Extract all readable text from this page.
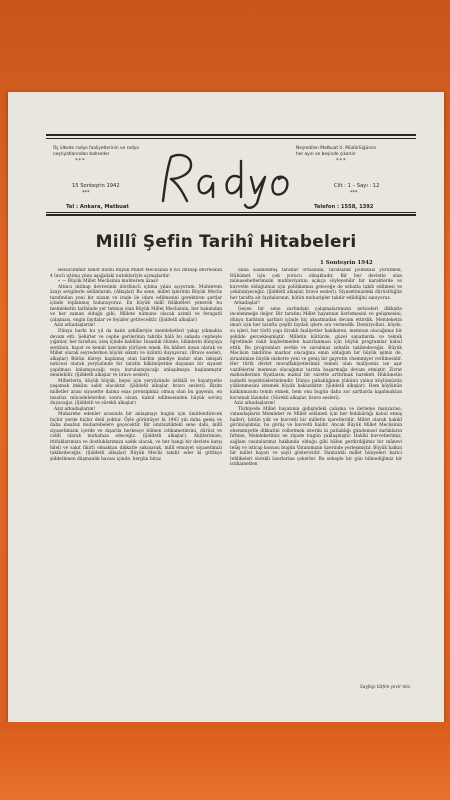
Üç ülkede radyo faaliyetlerinin ve radyo
neşriyatlarından bahseder
***
Neşredilen Matbuat U. Müdürlüğünce
her ayın on beşinde çıkarılır
***
15 Sonteşrin 1942
***
Cilt : 1 – Sayı : 12
***
Tel : Ankara, Matbuat	Telefon : 1558, 1392
Millî Şefin Tarihî Hitabeleri
1 Sonteşrin 1942

Reisicumhur İsmet İnönü Büyük Millet Meclisinin 6 ncı intihap devresinin 4 üncü içtima yılını aşağıdaki nutuklariyle açmışlardır:

« — Büyük Millet Meclisinin muhterem âzası!

Altıncı intihap devresinin dördüncü içtima yılını açıyorum. Muhterem âzayı sevgilerle selâmlarım. (Alkışlar) Bu sene, millet işlerinin Büyük Meclis tarafından yeni bir nizam ve irade ile idare edilmesini gerektiren şartlar içinde toplanmış bulunuyoruz. En büyük millî felâketleri yenerek bu memleketin tarihinde yer tutmuş olan Büyük Millet Meclisinin, her hakımdan ve her zaman olduğu gibi, Millete nümune olacak azimli ve feragatli çalışması, engin faydalar ve feyizler getirecektir. (Şiddetli alkışlar)

Aziz arkadaşlarım!

Dünya harbi bu yıl da kanlı şekilleriyle memleketleri yakıp yıkmakta devam etti. Şehirler ve cephe gerilerinin tahribi hâlâ bu sahada cepheyle yığınlar, her taraftan; ateş içinde kaldılar. İnsanlık ölümle, ölümlerin dünyaya sevkinin, hayat ve kemâl üzerinde yürüyen emek. Bu hâlleri insan olarak ve Millet olarak seyrederken büyük sıkıntı ve üzüntü duyuyoruz. (Bravo sesleri, alkışlar) Bütün küreyi kaplamış olan harbin şimdiye kadar olan inkişafı neticesi olarak yeryüzünde bir tarafın hâkimiyetine dayanan bir siyaset yapılması kalamıyacağı veya kurulamıyacağı anlaşılmaya başlanmıştır denilebilir. (Şiddetli alkışlar ve bravo sesleri)

Milletlerin, küçük büyük, hepsi için yeryüzünde istiklâl ve hayatiyetle yaşamak imkânı sabit olacaktır. (Şiddetli alkışlar, bravo sesleri). Bizim milletler arası siyasette daima esas prensipimiz olmuş olan bu gayenin, en insafsız mücadelelerden sonra olsun, kabul edilmesinden büyük sevinç duyacağız. (Şiddetli ve sürekli alkışlar)

Aziz arkadaşlarım!

Muharebe edenler arasında bir anlaşmayı bugün için ümitlendirecek hiçbir yerde hiçbir delil yoktur. Öyle görünüyor ki 1943 yılı daha geniş ve daha insafsız muharebelere geçecektir. Bir ümitsizlikteki sene dahi, millî siyasetimizin içerde ve dışarda herkesçe bilinen istikametlerini, dürüst ve ciddî olarak muhafaza edeceğiz. (Şiddetli alkışlar). Ahitlerimize, ittifaklarımıza ve dostluklarımıza sadık olarak, ve her hangi bir devlete karşı hileli ve sakıt fikirli olmaktan dikkatle sakınarak, millî emniyet siyasetimizi takibedeceğiz. (Şiddetli alkışlar) Büyük Meclis takdir eder ki gittikçe şiddetlenen düşmanlık havası içinde, hergün biraz

daha sisinlenmiş taraflar ortasında, tarafsızlık politikası yürütmek, Hükümet için çok yorucu olmaktadır. Bir her devletle olan münasebetlerimizin muhteviyatını açıkça söyleyebilir bir karakterde ve kuvvetle olduğumuz için politikamızı geleceğe de sebatla takib edilmesi ve çekinmiyeceğiz. (Şiddetli alkışlar, bravo sesleri). Siyasetimizdeki dürüstlüğün her tarafta ait faydalarının, bütün muharipler takdir edildiğini sanıyoruz.

Arkadaşlar!

Geçen bir sene zarfındaki çalışmalarımızın neticeleri dikkatle incelenmeğe değer. Bir tarafını Millet hayatının ilerlemesini ve gelişmesini, dünya harbinin şartları içinde hiç aksatmadan devam ettirdik. Memleketin imarı için her tarafta çeşitli faydalı işlere ara vermedik. Demiryolları, köyde, su işleri, her türlü yapı itiraklı faaliyetler hakikaten, memnun olacağımız bir şekilde gerçekleşmiştir. Milletin kültürde, güzel sanatlarda ve teknik öğretimde vakit kaybetmeden hazırlanması için büyük programlar kabul ettik. Bu programları zevkle ve sarsılmaz sebatla takibedeceğiz. Büyük Meclisin takdirine mazhar olacağına emin olduğum bir büyük işimiz de, ziraatimize büyük nisbette yeni ve geniş bir gayretle chemmiyet verilmesidir. Her türlü devlet muvaffakiyetlerimiz temeli olan malîyemiz ise aşır vazifelerini memnun olacağımız tarzda başarmağa devam etmiştir. Zirrat mahsullerinin fiyatlarını makul bir surette arttırmak hareketi Hükûmetin isabetli teşebbüslerindendir. Dünya pahalılığının yükünü yalnız köylümüzün yüklenmesini istemek büyük haksızlıktır. (Şiddetli alkışlar). Hem köylünün kalkınmasını temin etmek, hem onu bugün daha zor şartlarda kapılmaktan korumak lâzımdır. (Sürekli alkışlar, bravo sesleri).

Aziz arkadaşlarım!

Türkiyede Millet hayatının gidişindeki çalışma ve ilerleme manzarası, vatandaşların Memleket ve Millet selâmeti için her fedakârlığı kabul etmiş halleri, bütün yük ve kuvvetli bir milletin işaretleridir. Millet olarak hakikî görünüşümüz, bu görüş ve kuvvetli haldir. Ancak Büyük Millet Meclisinin ehemmiyetle dikkatini celbetmek isterim ki patlaklığı gündemsel darlıkların fırbine, Memleketimiz en ziyade bugün yaklaşmıştır. Hakiki kuvvetlerimiz, sağlam vasıtalarımız hakkında olduğu gibi hâlen gerdirdiğimiz bir mânevi telâş ve istirap konusu bugün Vatanımızın üzerinde yerleşmiştir. Büyük halkın bir millet hayatı ve sayıl göstericidir. Hantalıklı millet hünyeleri harici tehlikeleri sürekli üzerlerine çekerler. Bu sebeple bir gün bilmediğimiz bir istikametten

Sayfayı lütfen çevir iniz.
